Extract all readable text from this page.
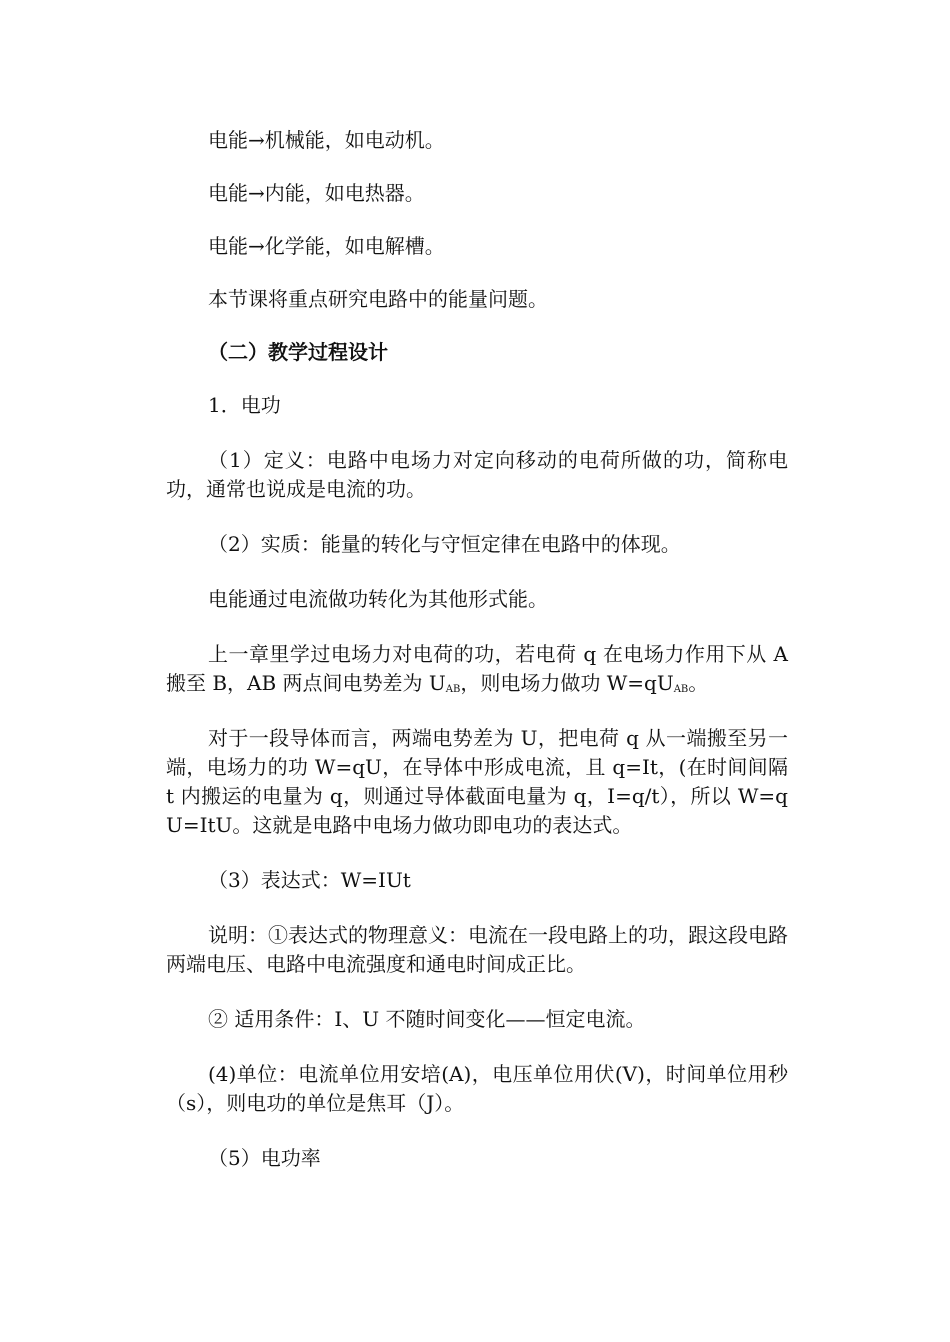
电能→机械能，如电动机。

电能→内能，如电热器。

电能→化学能，如电解槽。

本节课将重点研究电路中的能量问题。

（二）教学过程设计

1．电功

（1）定义：电路中电场力对定向移动的电荷所做的功，简称电功，通常也说成是电流的功。

（2）实质：能量的转化与守恒定律在电路中的体现。

电能通过电流做功转化为其他形式能。

上一章里学过电场力对电荷的功，若电荷 q 在电场力作用下从 A 搬至 B，AB 两点间电势差为 $U_{AB}$，则电场力做功 $W=qU_{AB}$。

对于一段导体而言，两端电势差为 U，把电荷 q 从一端搬至另一端，电场力的功 W=qU，在导体中形成电流，且 q=It，(在时间间隔 t 内搬运的电量为 q，则通过导体截面电量为 q，I=q/t），所以 W=qU=ItU。这就是电路中电场力做功即电功的表达式。

（3）表达式：W=IUt

说明：①表达式的物理意义：电流在一段电路上的功，跟这段电路两端电压、电路中电流强度和通电时间成正比。

② 适用条件：I、U 不随时间变化——恒定电流。

(4)单位：电流单位用安培(A)，电压单位用伏(V)，时间单位用秒（s），则电功的单位是焦耳（J）。

（5）电功率
